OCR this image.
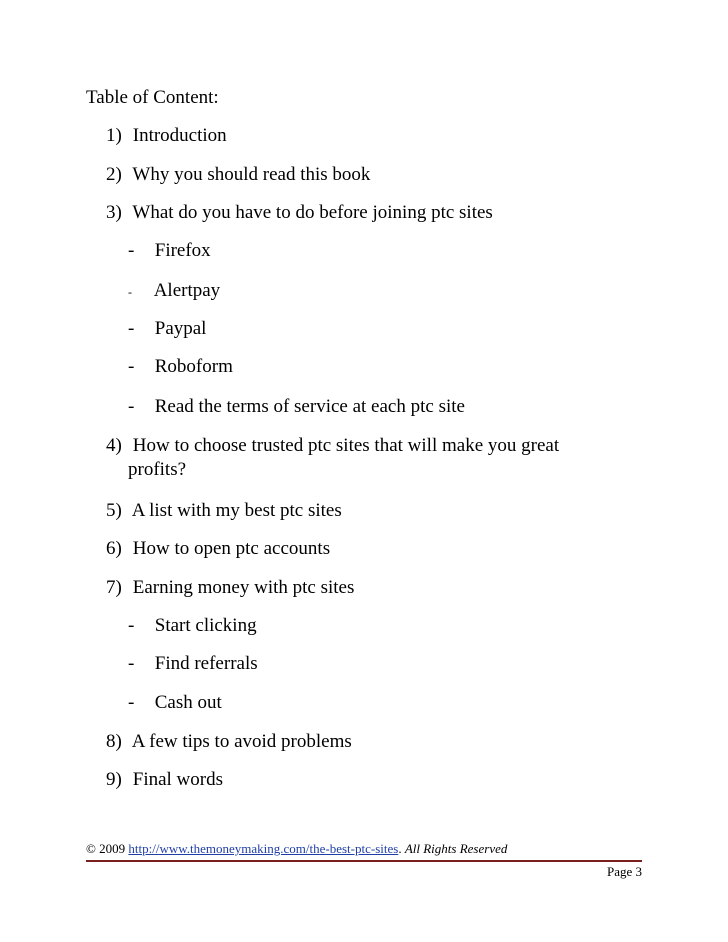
Table of Content:
1) Introduction
2) Why you should read this book
3) What do you have to do before joining ptc sites
- Firefox
- Alertpay
- Paypal
- Roboform
- Read the terms of service at each ptc site
4) How to choose trusted ptc sites that will make you great
profits?
5) A list with my best ptc sites
6) How to open ptc accounts
7) Earning money with ptc sites
- Start clicking
- Find referrals
- Cash out
8) A few tips to avoid problems
9) Final words
© 2009 http://www.themoneymaking.com/the-best-ptc-sites. All Rights Reserved
Page 3
